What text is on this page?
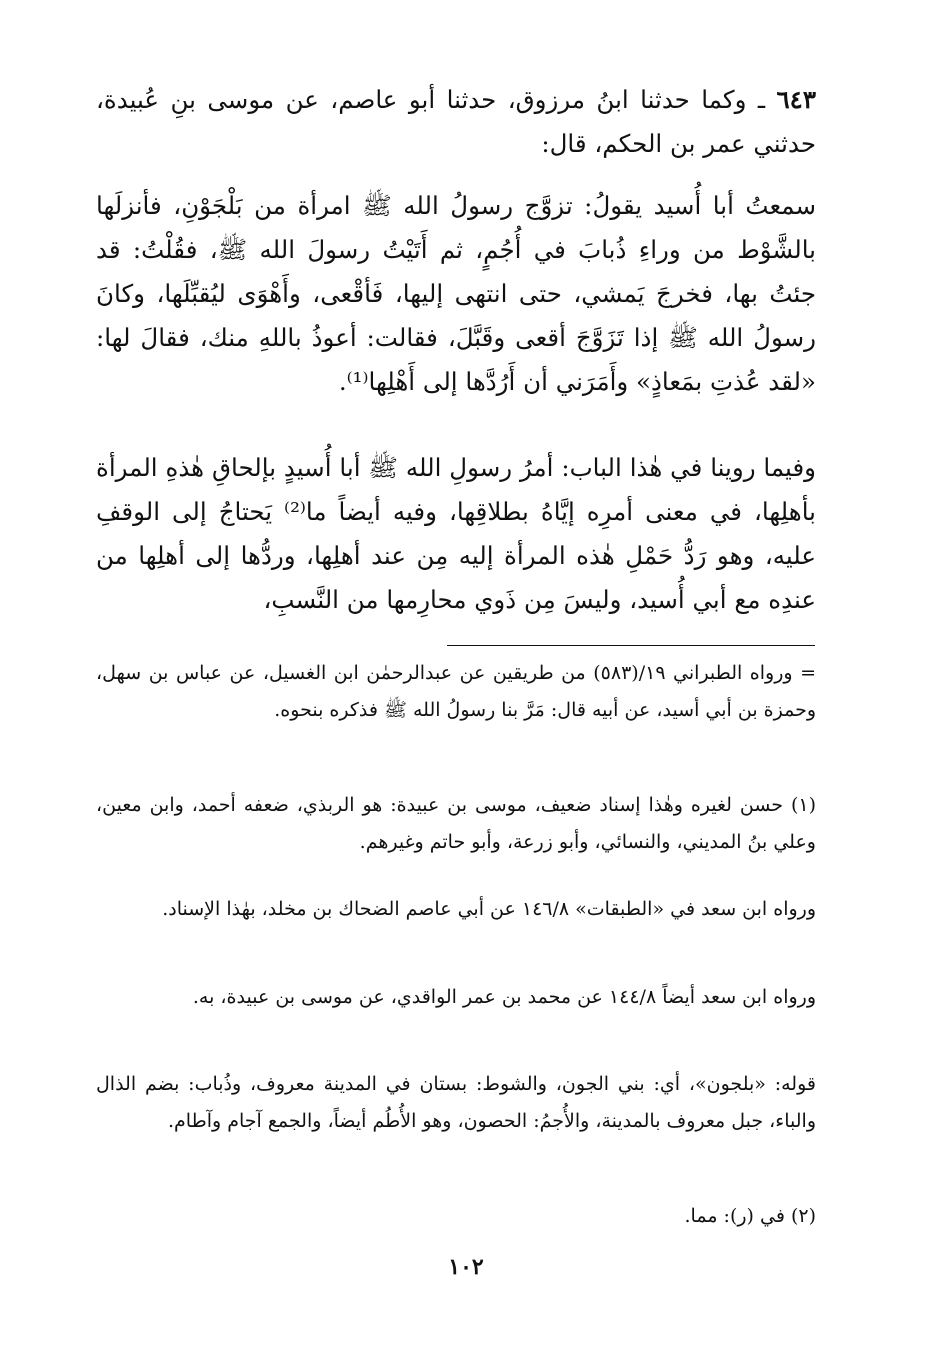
٦٤٣ ـ وكما حدثنا ابنُ مرزوق، حدثنا أبو عاصم، عن موسى بنِ عُبيدة، حدثني عمر بن الحكم، قال:

سمعتُ أبا أُسيد يقولُ: تزوَّج رسولُ الله ﷺ امرأة من بَلْجَوْنِ، فأنزلَها بالشَّوْط من وراءِ ذُبابَ في أُجُمٍ، ثم أَتَيْتُ رسولَ الله ﷺ، فقُلْتُ: قد جئتُ بها، فخرجَ يَمشي، حتى انتهى إليها، فَأقْعى، وأَهْوَى ليُقبِّلَها، وكانَ رسولُ الله ﷺ إذا تَزَوَّجَ أقعى وقَبَّلَ، فقالت: أعوذُ باللهِ منك، فقالَ لها: «لقد عُذتِ بمَعاذٍ» وأَمَرَني أن أَرُدَّها إلى أَهْلِها⁽¹⁾.

وفيما روينا في هٰذا الباب: أمرُ رسولِ الله ﷺ أبا أُسيدٍ بإلحاقِ هٰذهِ المرأة بأهلِها، في معنى أمرِه إيَّاهُ بطلاقِها، وفيه أيضاً ما⁽²⁾ يَحتاجُ إلى الوقفِ عليه، وهو رَدُّ حَمْلِ هٰذه المرأة إليه مِن عند أهلِها، وردُّها إلى أهلِها من عندِه مع أبي أُسيد، وليسَ مِن ذَوي محارِمها من النَّسبِ،

= ورواه الطبراني ١٩/(٥٨٣) من طريقين عن عبدالرحمٰن ابن الغسيل، عن عباس بن سهل، وحمزة بن أبي أسيد، عن أبيه قال: مَرَّ بنا رسولُ الله ﷺ فذكره بنحوه.

(١) حسن لغيره وهٰذا إسناد ضعيف، موسى بن عبيدة: هو الربذي، ضعفه أحمد، وابن معين، وعلي بنُ المديني، والنسائي، وأبو زرعة، وأبو حاتم وغيرهم.

ورواه ابن سعد في «الطبقات» ١٤٦/٨ عن أبي عاصم الضحاك بن مخلد، بهٰذا الإسناد.

ورواه ابن سعد أيضاً ١٤٤/٨ عن محمد بن عمر الواقدي، عن موسى بن عبيدة، به.

قوله: «بلجون»، أي: بني الجون، والشوط: بستان في المدينة معروف، وذُباب: بضم الذال والباء، جبل معروف بالمدينة، والأُجمُ: الحصون، وهو الأُطُم أيضاً، والجمع آجام وآطام.

(٢) في (ر): مما.

١٠٢
